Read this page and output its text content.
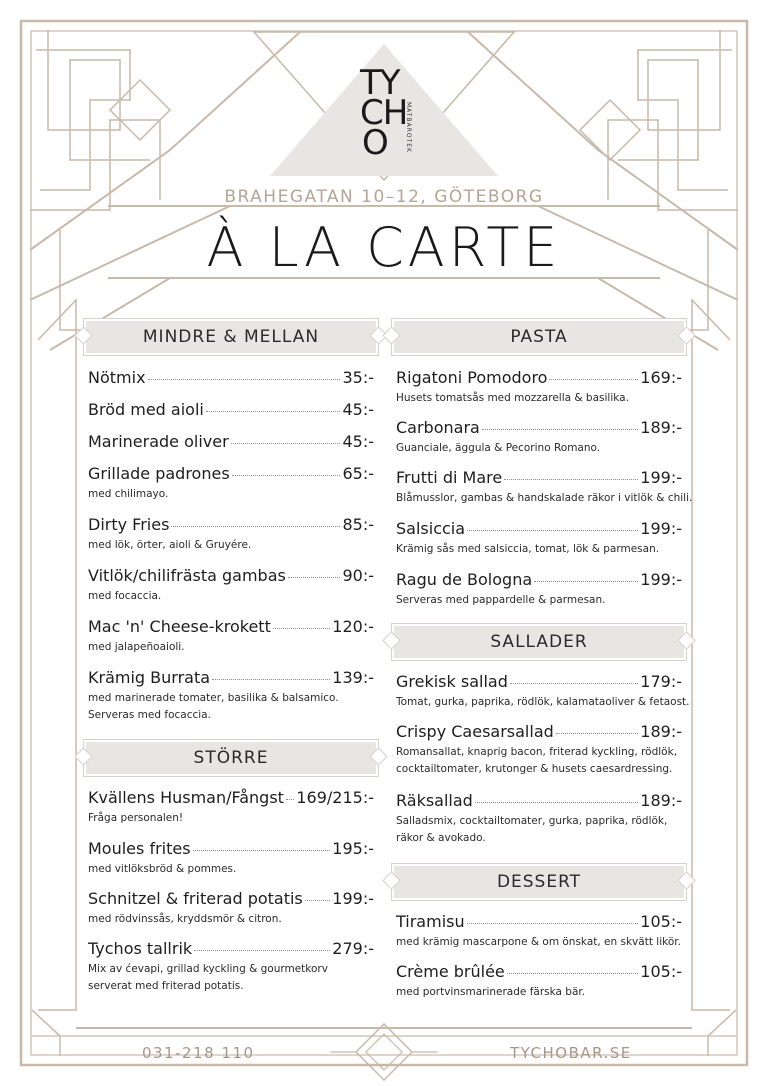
TY
CH
O	MATBAROTEK
BRAHEGATAN 10–12, GÖTEBORG
À LA CARTE
MINDRE & MELLAN
Nötmix	35:-
Bröd med aioli	45:-
Marinerade oliver	45:-
Grillade padrones	65:-
med chilimayo.
Dirty Fries	85:-
med lök, örter, aioli & Gruyére.
Vitlök/chilifrästa gambas	90:-
med focaccia.
Mac 'n' Cheese-krokett	120:-
med jalapeñoaioli.
Krämig Burrata	139:-
med marinerade tomater, basilika & balsamico.
Serveras med focaccia.
STÖRRE
Kvällens Husman/Fångst 169/215:-
Fråga personalen!
Moules frites	195:-
med vitlöksbröd & pommes.
Schnitzel & friterad potatis 199:-
med rödvinssås, kryddsmör & citron.
Tychos tallrik	279:-
Mix av ćevapi, grillad kyckling & gourmetkorv
serverat med friterad potatis.
PASTA
Rigatoni Pomodoro	169:-
Husets tomatsås med mozzarella & basilika.
Carbonara	189:-
Guanciale, äggula & Pecorino Romano.
Frutti di Mare	199:-
Blåmusslor, gambas & handskalade räkor i vitlök & chili.
Salsiccia	199:-
Krämig sås med salsiccia, tomat, lök & parmesan.
Ragu de Bologna	199:-
Serveras med pappardelle & parmesan.
SALLADER
Grekisk sallad	179:-
Tomat, gurka, paprika, rödlök, kalamataoliver & fetaost.
Crispy Caesarsallad	189:-
Romansallat, knaprig bacon, friterad kyckling, rödlök,
cocktailtomater, krutonger & husets caesardressing.
Räksallad	189:-
Salladsmix, cocktailtomater, gurka, paprika, rödlök,
räkor & avokado.
DESSERT
Tiramisu	105:-
med krämig mascarpone & om önskat, en skvätt likör.
Crème brûlée	105:-
med portvinsmarinerade färska bär.
031-218 110	TYCHOBAR.SE
